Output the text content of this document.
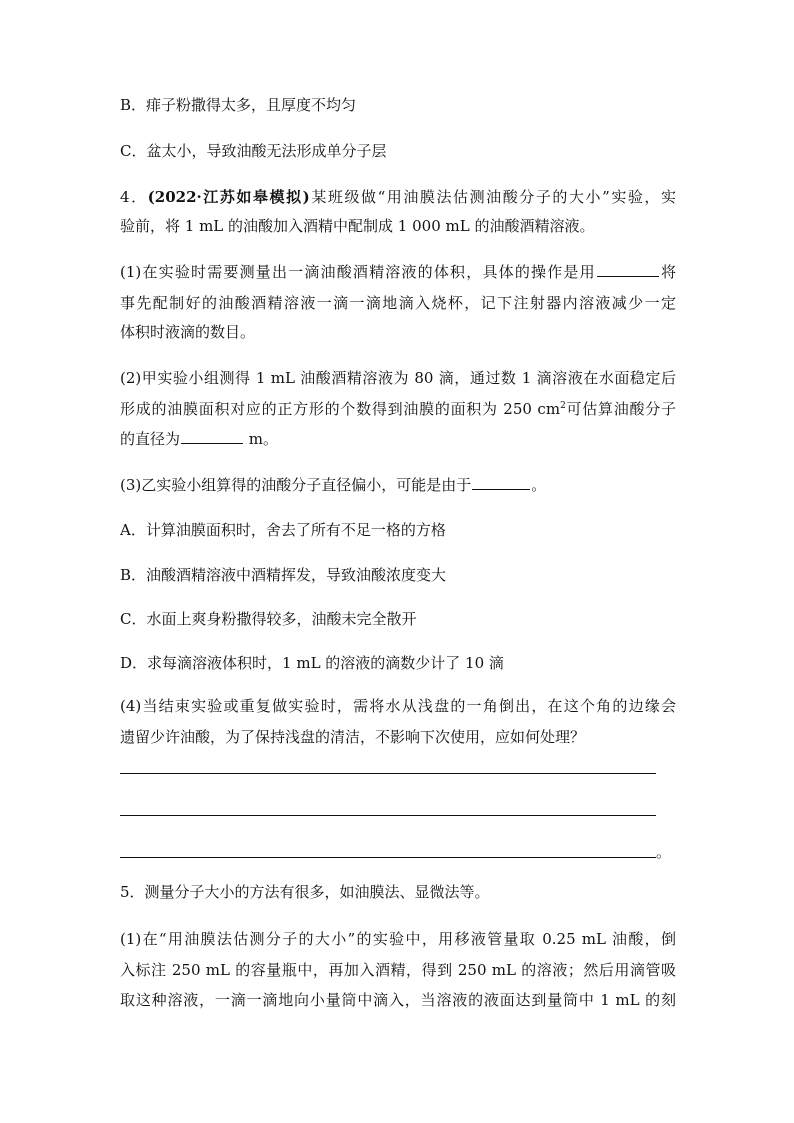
B．痱子粉撒得太多，且厚度不均匀
C．盆太小，导致油酸无法形成单分子层
4．(2022·江苏如皋模拟)某班级做“用油膜法估测油酸分子的大小”实验，实
验前，将 1 mL 的油酸加入酒精中配制成 1 000 mL 的油酸酒精溶液。
(1)在实验时需要测量出一滴油酸酒精溶液的体积，具体的操作是用	将
事先配制好的油酸酒精溶液一滴一滴地滴入烧杯，记下注射器内溶液减少一定
体积时液滴的数目。
(2)甲实验小组测得 1 mL 油酸酒精溶液为 80 滴，通过数 1 滴溶液在水面稳定后
形成的油膜面积对应的正方形的个数得到油膜的面积为 250 $cm^2$可估算油酸分子
的直径为	m。
(3)乙实验小组算得的油酸分子直径偏小，可能是由于	。
A．计算油膜面积时，舍去了所有不足一格的方格
B．油酸酒精溶液中酒精挥发，导致油酸浓度变大
C．水面上爽身粉撒得较多，油酸未完全散开
D．求每滴溶液体积时，1 mL 的溶液的滴数少计了 10 滴
(4)当结束实验或重复做实验时，需将水从浅盘的一角倒出，在这个角的边缘会
遗留少许油酸，为了保持浅盘的清洁，不影响下次使用，应如何处理？
。
5．测量分子大小的方法有很多，如油膜法、显微法等。
(1)在“用油膜法估测分子的大小”的实验中，用移液管量取 0.25 mL 油酸，倒
入标注 250 mL 的容量瓶中，再加入酒精，得到 250 mL 的溶液；然后用滴管吸
取这种溶液，一滴一滴地向小量筒中滴入，当溶液的液面达到量筒中 1 mL 的刻
